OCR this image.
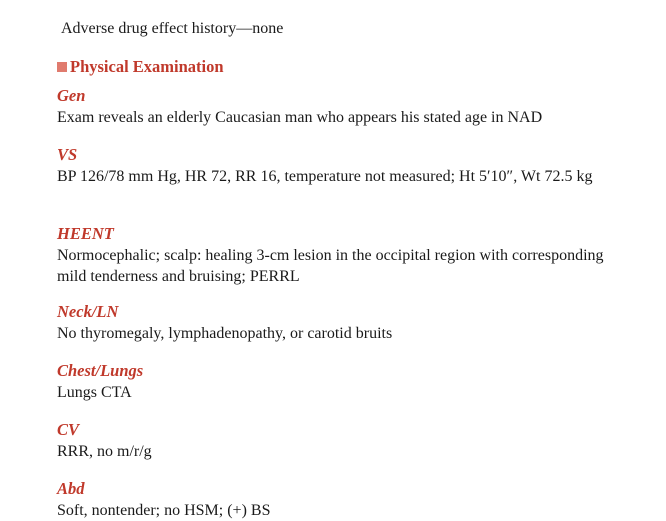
Adverse drug effect history—none
Physical Examination

Gen

Exam reveals an elderly Caucasian man who appears his stated age in NAD

VS

BP 126/78 mm Hg, HR 72, RR 16, temperature not measured; Ht 5′10″, Wt 72.5 kg

HEENT

Normocephalic; scalp: healing 3-cm lesion in the occipital region with corresponding mild tenderness and bruising; PERRL

Neck/LN

No thyromegaly, lymphadenopathy, or carotid bruits

Chest/Lungs

Lungs CTA

CV

RRR, no m/r/g

Abd

Soft, nontender; no HSM; (+) BS
